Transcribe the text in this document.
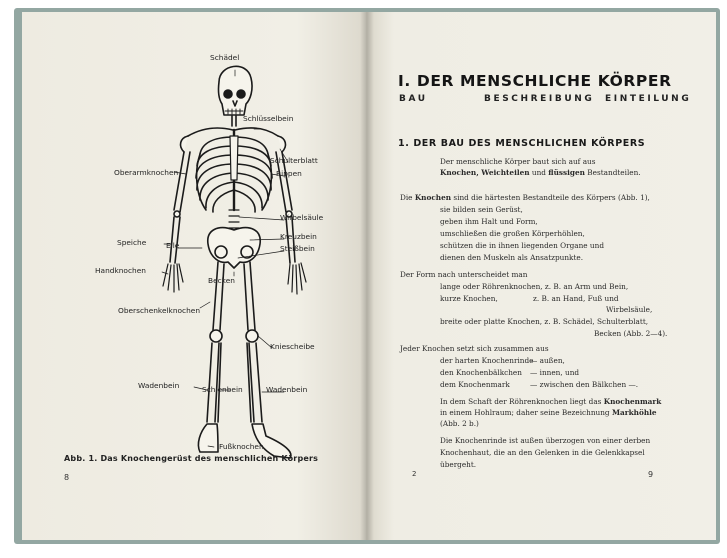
Schädel
Schlüsselbein
Schulterblatt
Rippen
Oberarmknochen
Wirbelsäule
Kreuzbein
Steißbein
Speiche	Elle
Handknochen
Becken
Oberschenkelknochen
Kniescheibe
Wadenbein	Schienbein	Wadenbein
Fußknochen
Abb. 1. Das Knochengerüst des menschlichen Körpers
8
I. DER MENSCHLICHE KÖRPER
BAU	BESCHREIBUNG EINTEILUNG
1. DER BAU DES MENSCHLICHEN KÖRPERS
Der menschliche Körper baut sich auf aus
Knochen, Weichteilen und flüssigen Bestandteilen.
Die Knochen sind die härtesten Bestandteile des Körpers (Abb. 1),
sie bilden sein Gerüst,
geben ihm Halt und Form,
umschließen die großen Körperhöhlen,
schützen die in ihnen liegenden Organe und
dienen den Muskeln als Ansatzpunkte.
Der Form nach unterscheidet man
lange oder Röhrenknochen, z. B. an Arm und Bein,
kurze Knochen,	z. B. an Hand, Fuß und
Wirbelsäule,
breite oder platte Knochen, z. B. Schädel, Schulterblatt,
Becken (Abb. 2—4).
Jeder Knochen setzt sich zusammen aus
der harten Knochenrinde
— außen,
den Knochenbälkchen — innen, und
dem Knochenmark	— zwischen den Bälkchen —.
In dem Schaft der Röhrenknochen liegt das Knochenmark
in einem Hohlraum; daher seine Bezeichnung Markhöhle
(Abb. 2 b.)
Die Knochenrinde ist außen überzogen von einer derben
Knochenhaut, die an den Gelenken in die Gelenkkapsel
übergeht.
2	9
